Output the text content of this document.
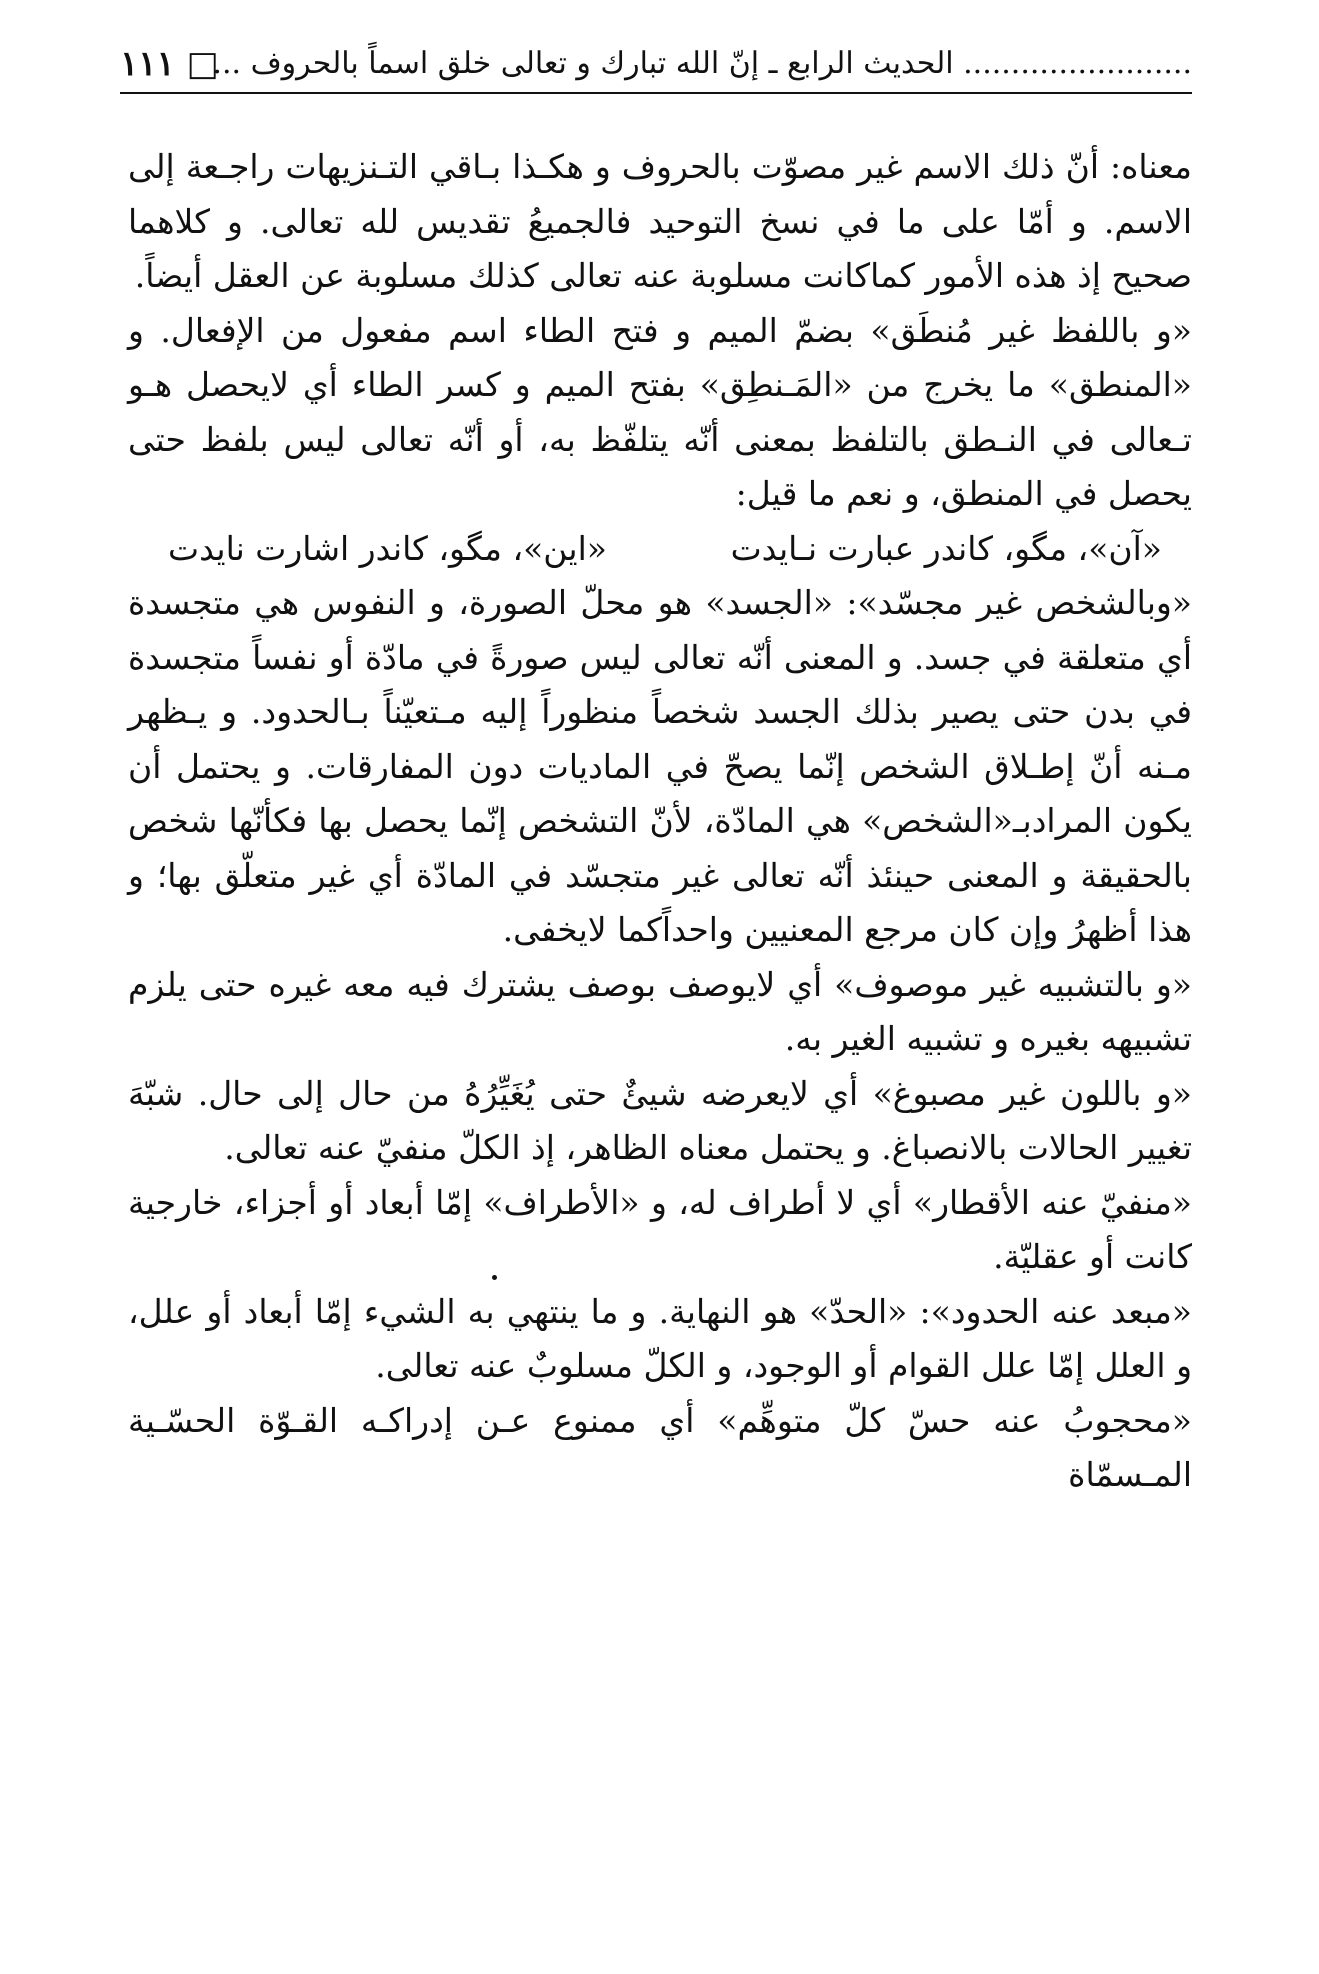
........................ الحديث الرابع ـ إنّ الله تبارك و تعالى خلق اسماً بالحروف ...
□ ١١١

معناه: أنّ ذلك الاسم غير مصوّت بالحروف و هكـذا بـاقي التـنزيهات راجـعة إلى الاسم. و أمّا على ما في نسخ التوحيد فالجميعُ تقديس لله تعالى. و كلاهما صحيح إذ هذه الأمور كماكانت مسلوبة عنه تعالى كذلك مسلوبة عن العقل أيضاً.

«و باللفظ غير مُنطَق» بضمّ الميم و فتح الطاء اسم مفعول من الإفعال. و «المنطق» ما يخرج من «المَـنطِق» بفتح الميم و كسر الطاء أي لايحصل هـو تـعالى في النـطق بالتلفظ بمعنى أنّه يتلفّظ به، أو أنّه تعالى ليس بلفظ حتى يحصل في المنطق، و نعم ما قيل:

«آن»، مگو، كاندر عبارت نـايدت
«اين»، مگو، كاندر اشارت نايدت

«وبالشخص غير مجسّد»: «الجسد» هو محلّ الصورة، و النفوس هي متجسدة أي متعلقة في جسد. و المعنى أنّه تعالى ليس صورةً في مادّة أو نفساً متجسدة في بدن حتى يصير بذلك الجسد شخصاً منظوراً إليه مـتعيّناً بـالحدود. و يـظهر مـنه أنّ إطـلاق الشخص إنّما يصحّ في الماديات دون المفارقات. و يحتمل أن يكون المرادبـ«الشخص» هي المادّة، لأنّ التشخص إنّما يحصل بها فكأنّها شخص بالحقيقة و المعنى حينئذ أنّه تعالى غير متجسّد في المادّة أي غير متعلّق بها؛ و هذا أظهرُ وإن كان مرجع المعنيين واحداًكما لايخفى.

«و بالتشبيه غير موصوف» أي لايوصف بوصف يشترك فيه معه غيره حتى يلزم تشبيهه بغيره و تشبيه الغير به.

«و باللون غير مصبوغ» أي لايعرضه شيئٌ حتى يُغَيِّرُهُ من حال إلى حال. شبّهَ تغيير الحالات بالانصباغ. و يحتمل معناه الظاهر، إذ الكلّ منفيّ عنه تعالى.

«منفيّ عنه الأقطار» أي لا أطراف له، و «الأطراف» إمّا أبعاد أو أجزاء، خارجية كانت أو عقليّة.

«مبعد عنه الحدود»: «الحدّ» هو النهاية. و ما ينتهي به الشيء إمّا أبعاد أو علل، و العلل إمّا علل القوام أو الوجود، و الكلّ مسلوبٌ عنه تعالى.

«محجوبُ عنه حسّ كلّ متوهِّم» أي ممنوع عـن إدراكـه القـوّة الحسّـية المـسمّاة
